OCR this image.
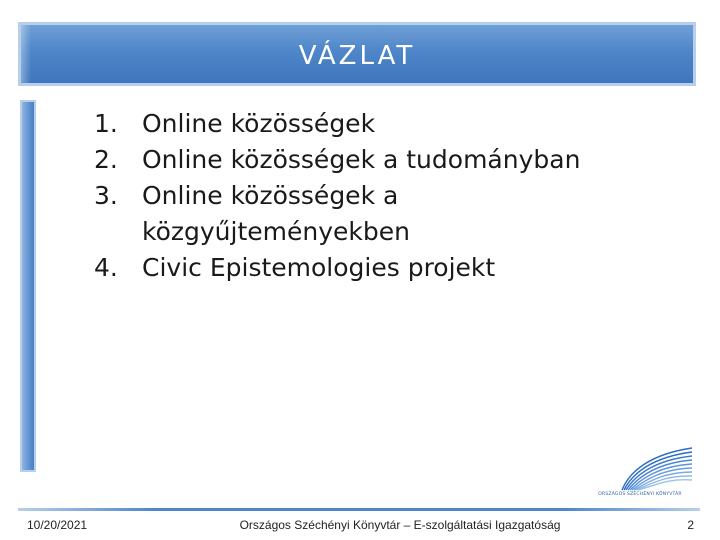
VÁZLAT
1. Online közösségek
2. Online közösségek a tudományban
3. Online közösségek a közgyűjteményekben
4. Civic Epistemologies projekt
ORSZÁGOS SZÉCHÉNYI KÖNYVTÁR
10/20/2021	Országos Széchényi Könyvtár – E-szolgáltatási Igazgatóság	2
